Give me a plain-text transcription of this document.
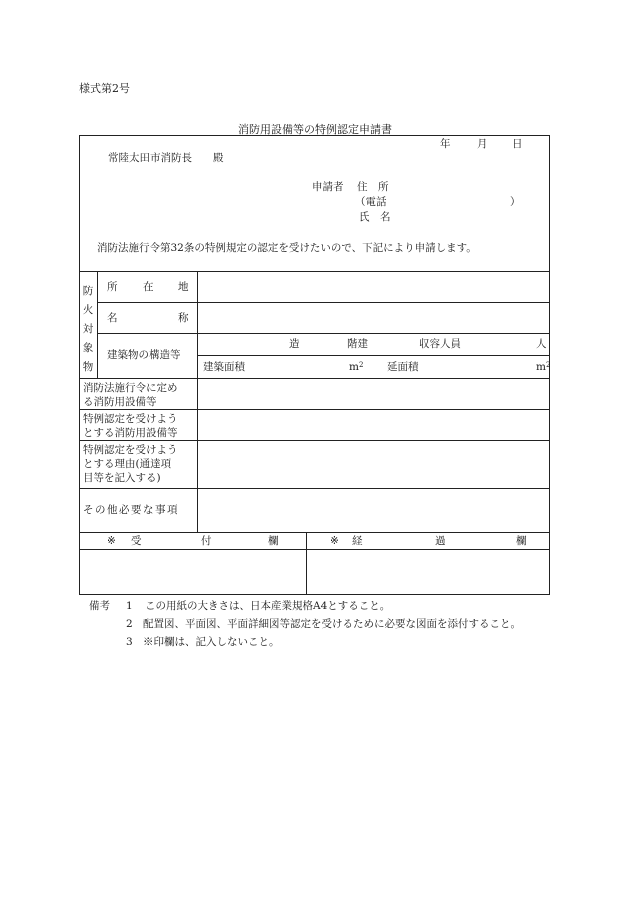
様式第2号
消防用設備等の特例認定申請書
年	月 日
常陸太田市消防長　　殿
申請者 住　所
（電話	）
氏　名
消防法施行令第32条の特例規定の認定を受けたいので、下記により申請します。
防
火
対
象
物
所 在 地
名	称
建築物の構造等
造	階建	収容人員	人
建築面積	$m^2$ 延面積	$m^2$
消防法施行令に定め
る消防用設備等
特例認定を受けよう
とする消防用設備等
特例認定を受けよう
とする理由(通達項
目等を記入する)
その他必要な事項
※ 受	付	欄	※ 経	過	欄
備考 1 この用紙の大きさは、日本産業規格A4とすること。
2 配置図、平面図、平面詳細図等認定を受けるために必要な図面を添付すること。
3 ※印欄は、記入しないこと。
